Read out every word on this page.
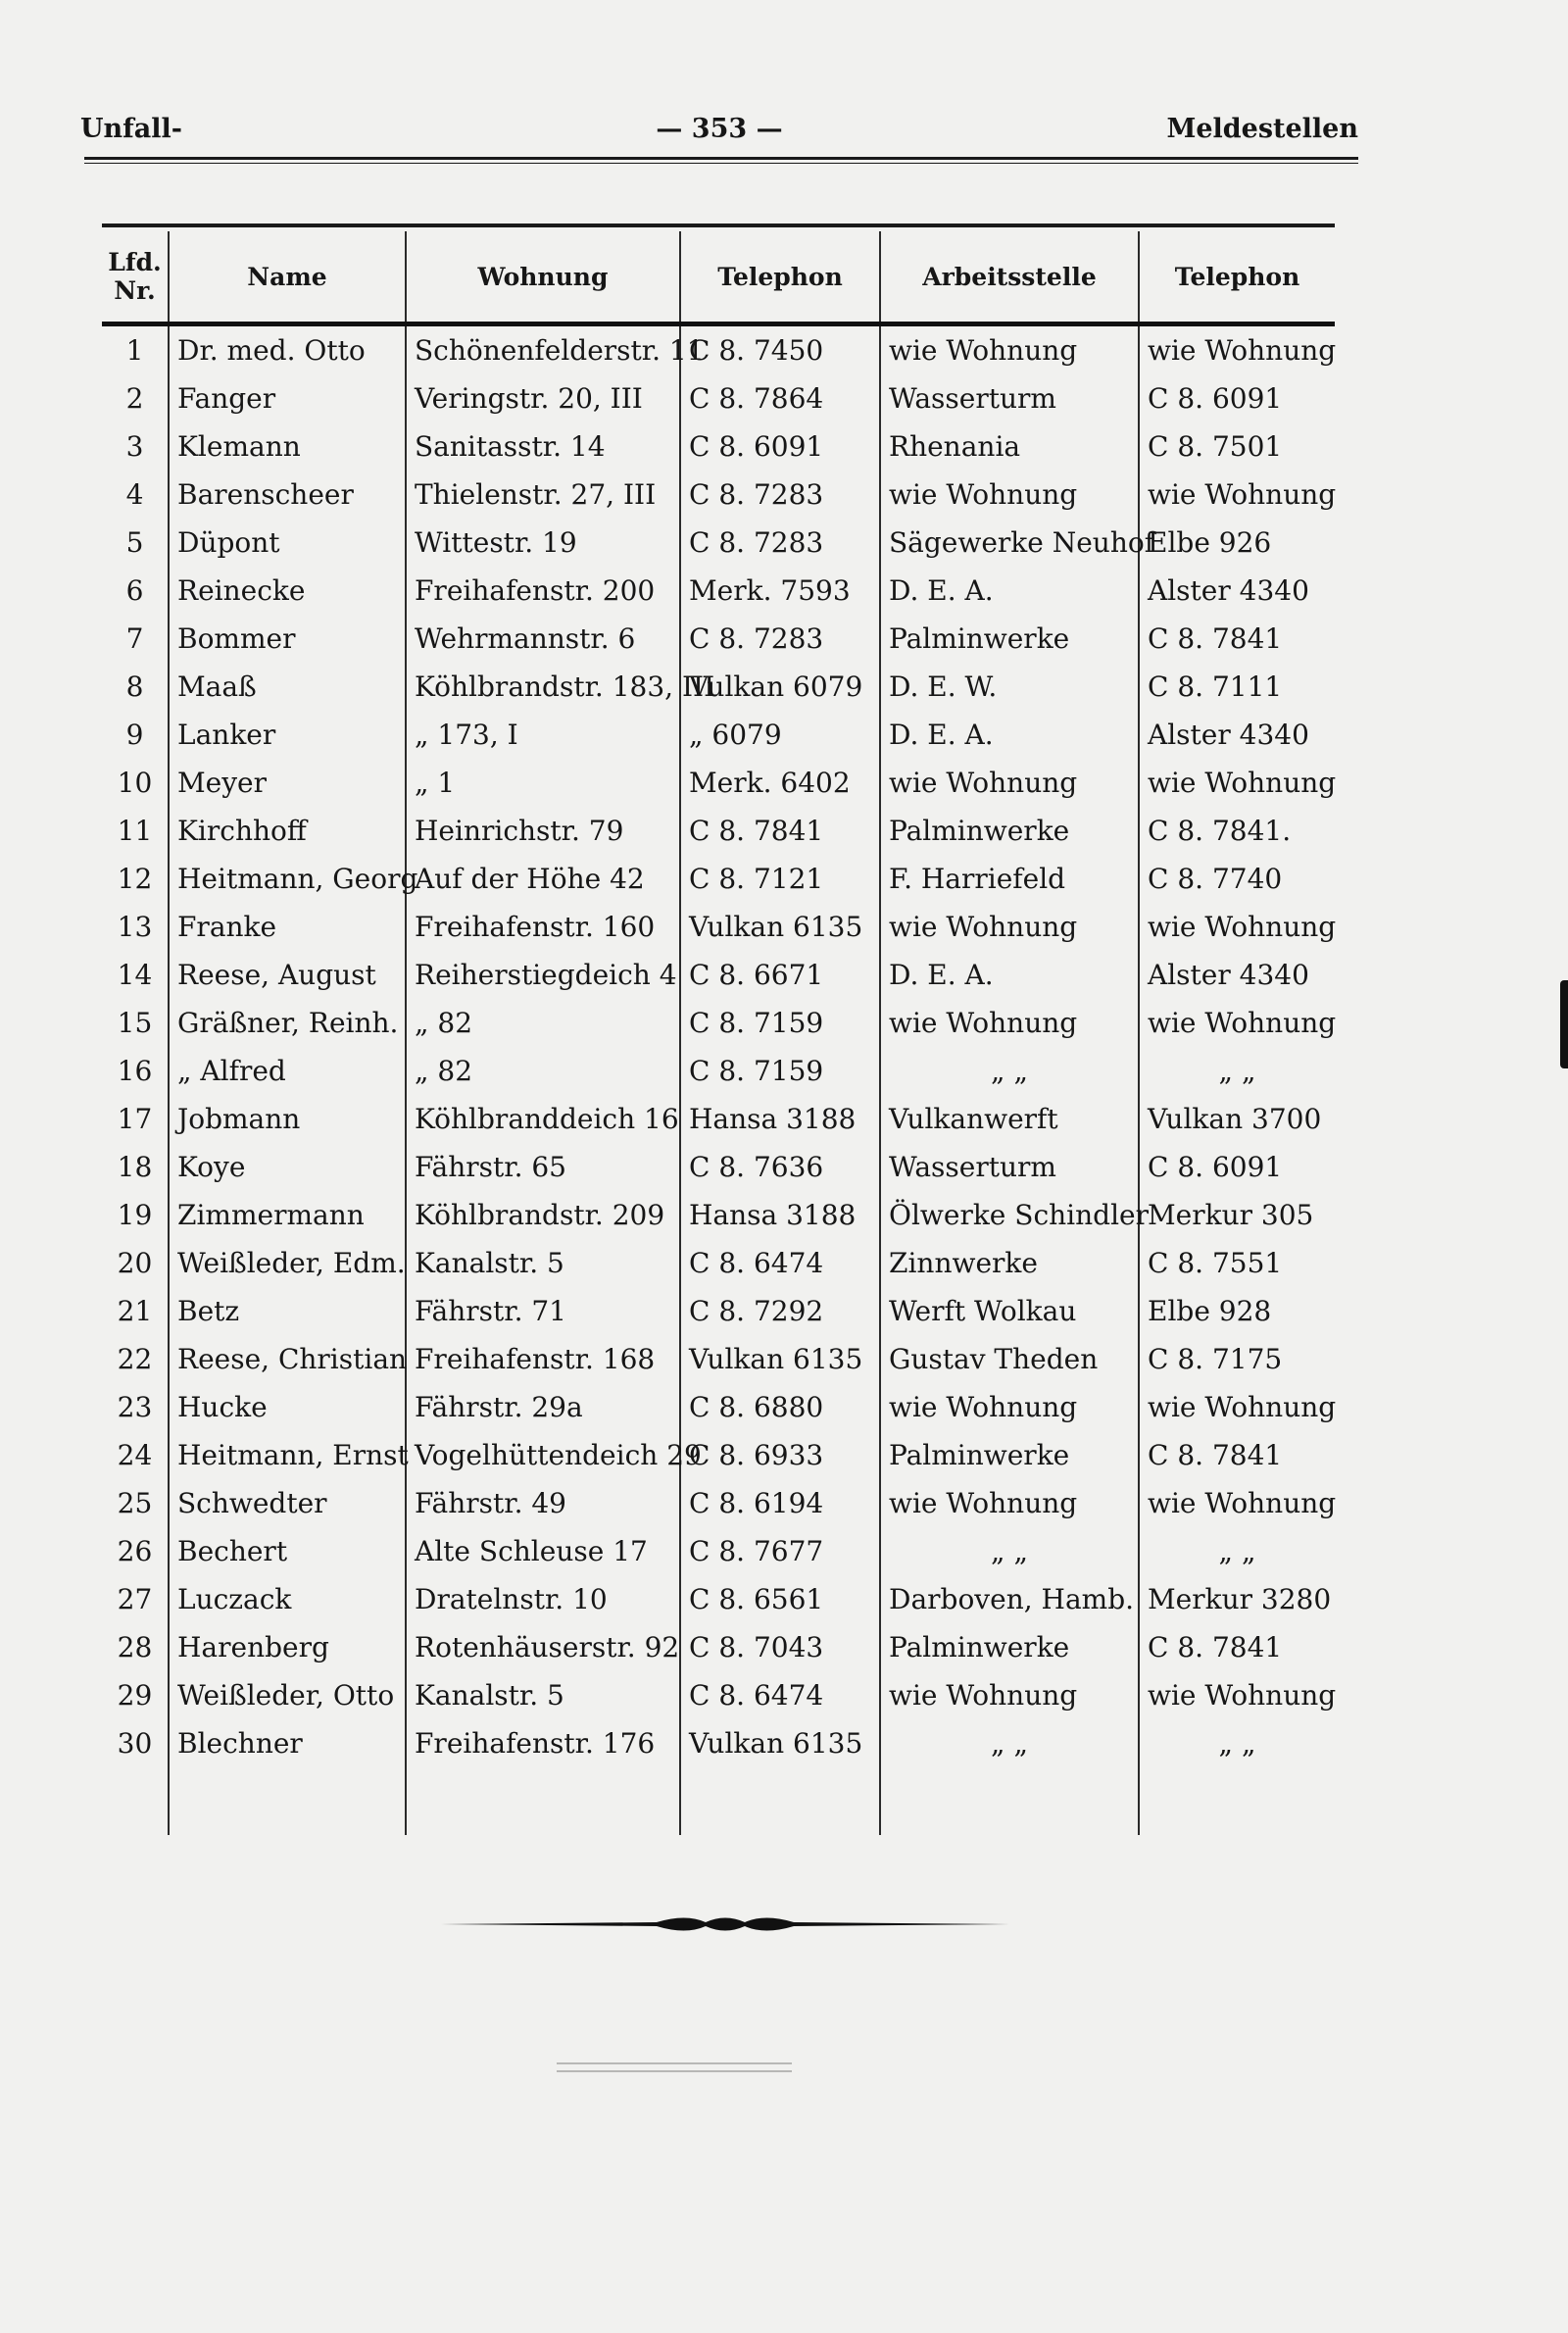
Unfall-	— 353 —	Meldestellen
Lfd. Nr.	Name	Wohnung	Telephon	Arbeitsstelle	Telephon
1	Dr. med. Otto	Schönenfelderstr. 11	C 8. 7450	wie Wohnung	wie Wohnung
2	Fanger	Veringstr. 20, III	C 8. 7864	Wasserturm	C 8. 6091
3	Klemann	Sanitasstr. 14	C 8. 6091	Rhenania	C 8. 7501
4	Barenscheer	Thielenstr. 27, III	C 8. 7283	wie Wohnung	wie Wohnung
5	Düpont	Wittestr. 19	C 8. 7283	Sägewerke Neuhof	Elbe 926
6	Reinecke	Freihafenstr. 200	Merk. 7593	D. E. A.	Alster 4340
7	Bommer	Wehrmannstr. 6	C 8. 7283	Palminwerke	C 8. 7841
8	Maaß	Köhlbrandstr. 183, III	Vulkan 6079	D. E. W.	C 8. 7111
9	Lanker	„ 173, I	„ 6079	D. E. A.	Alster 4340
10	Meyer	„ 1	Merk. 6402	wie Wohnung	wie Wohnung
11	Kirchhoff	Heinrichstr. 79	C 8. 7841	Palminwerke	C 8. 7841.
12	Heitmann, Georg	Auf der Höhe 42	C 8. 7121	F. Harriefeld	C 8. 7740
13	Franke	Freihafenstr. 160	Vulkan 6135	wie Wohnung	wie Wohnung
14	Reese, August	Reiherstiegdeich 4	C 8. 6671	D. E. A.	Alster 4340
15	Gräßner, Reinh.	„ 82	C 8. 7159	wie Wohnung	wie Wohnung
16	„ Alfred	„ 82	C 8. 7159	„ „	„ „
17	Jobmann	Köhlbranddeich 16	Hansa 3188	Vulkanwerft	Vulkan 3700
18	Koye	Fährstr. 65	C 8. 7636	Wasserturm	C 8. 6091
19	Zimmermann	Köhlbrandstr. 209	Hansa 3188	Ölwerke Schindler	Merkur 305
20	Weißleder, Edm.	Kanalstr. 5	C 8. 6474	Zinnwerke	C 8. 7551
21	Betz	Fährstr. 71	C 8. 7292	Werft Wolkau	Elbe 928
22	Reese, Christian	Freihafenstr. 168	Vulkan 6135	Gustav Theden	C 8. 7175
23	Hucke	Fährstr. 29a	C 8. 6880	wie Wohnung	wie Wohnung
24	Heitmann, Ernst	Vogelhüttendeich 29	C 8. 6933	Palminwerke	C 8. 7841
25	Schwedter	Fährstr. 49	C 8. 6194	wie Wohnung	wie Wohnung
26	Bechert	Alte Schleuse 17	C 8. 7677	„ „	„ „
27	Luczack	Dratelnstr. 10	C 8. 6561	Darboven, Hamb.	Merkur 3280
28	Harenberg	Rotenhäuserstr. 92	C 8. 7043	Palminwerke	C 8. 7841
29	Weißleder, Otto	Kanalstr. 5	C 8. 6474	wie Wohnung	wie Wohnung
30	Blechner	Freihafenstr. 176	Vulkan 6135	„ „	„ „
